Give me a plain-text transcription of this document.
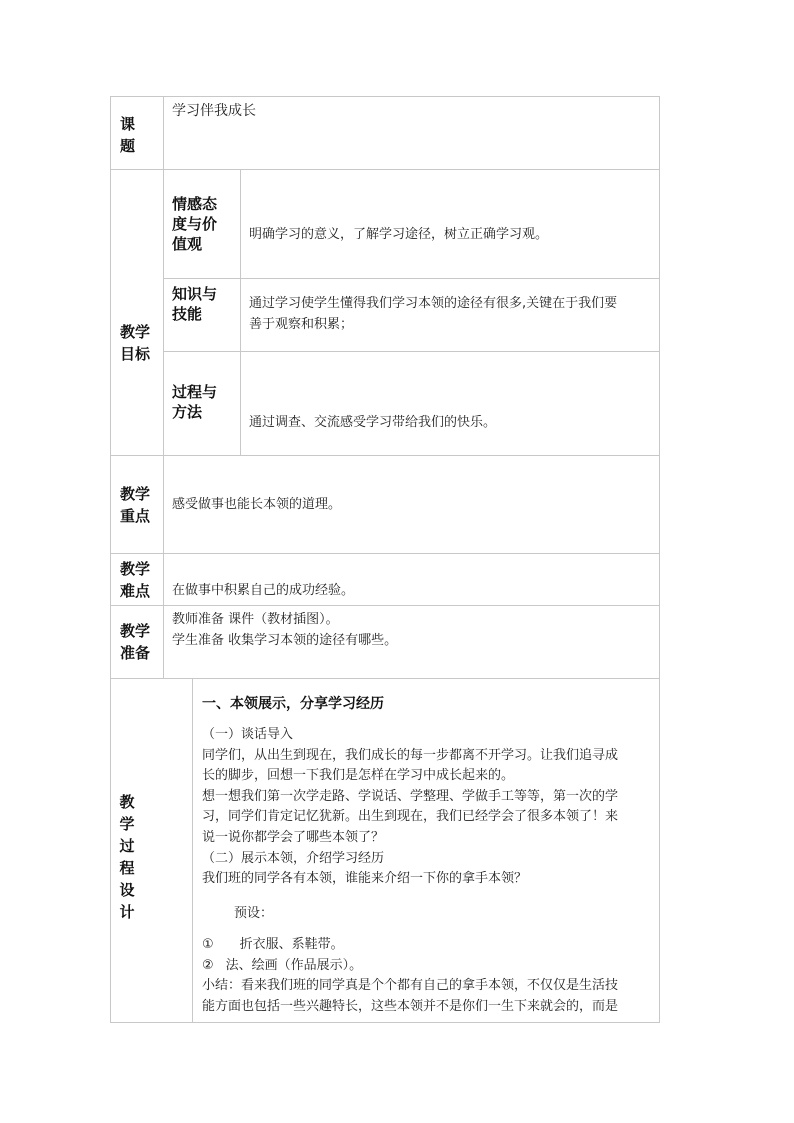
课
题
学习伴我成长
教学
目标
情感态
度与价
值观
明确学习的意义，了解学习途径，树立正确学习观。
知识与
技能
通过学习使学生懂得我们学习本领的途径有很多,关键在于我们要
善于观察和积累；
过程与
方法
通过调查、交流感受学习带给我们的快乐。
教学
重点
感受做事也能长本领的道理。
教学
难点 在做事中积累自己的成功经验。
教学
准备
教师准备 课件（教材插图）。
学生准备 收集学习本领的途径有哪些。
教
学
过
程
设
计
一、本领展示，分享学习经历
（一）谈话导入
同学们，从出生到现在，我们成长的每一步都离不开学习。让我们追寻成
长的脚步，回想一下我们是怎样在学习中成长起来的。
想一想我们第一次学走路、学说话、学整理、学做手工等等，第一次的学
习，同学们肯定记忆犹新。出生到现在，我们已经学会了很多本领了！来
说一说你都学会了哪些本领了？
（二）展示本领，介绍学习经历
我们班的同学各有本领，谁能来介绍一下你的拿手本领？
预设：
① 折衣服、系鞋带。
② 法、绘画（作品展示）。
小结：看来我们班的同学真是个个都有自己的拿手本领，不仅仅是生活技
能方面也包括一些兴趣特长，这些本领并不是你们一生下来就会的，而是
